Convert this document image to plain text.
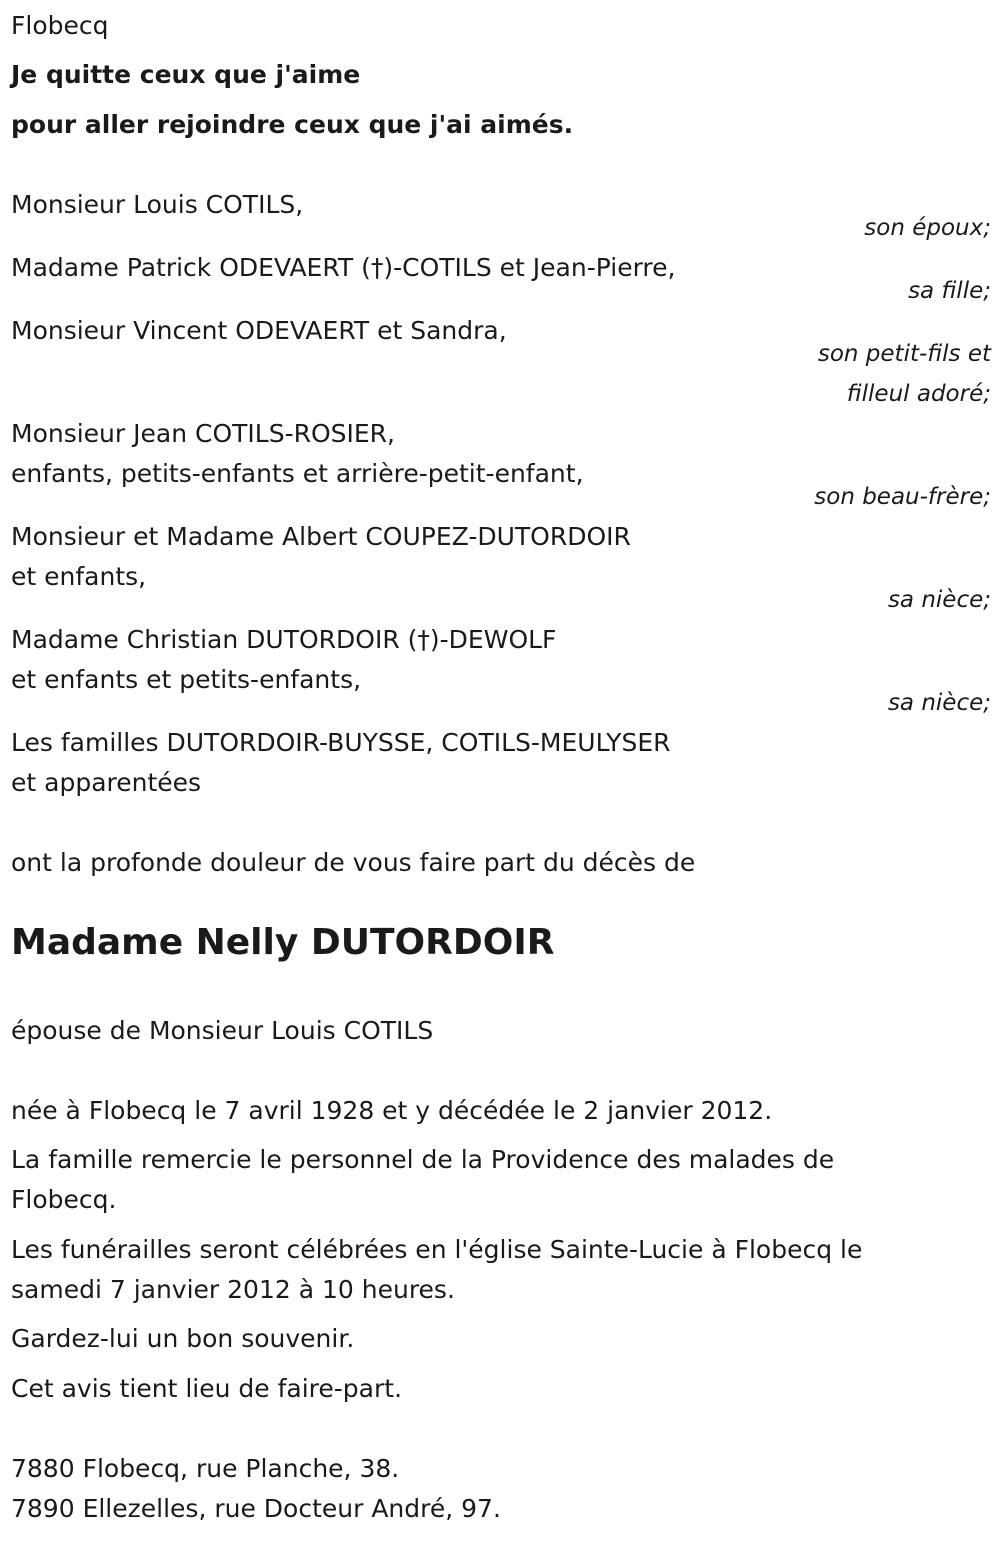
Flobecq
Je quitte ceux que j'aime
pour aller rejoindre ceux que j'ai aimés.
Monsieur Louis COTILS,
son époux;
Madame Patrick ODEVAERT (†)-COTILS et Jean-Pierre,
sa fille;
Monsieur Vincent ODEVAERT et Sandra,
son petit-fils et
filleul adoré;
Monsieur Jean COTILS-ROSIER,
enfants, petits-enfants et arrière-petit-enfant,
son beau-frère;
Monsieur et Madame Albert COUPEZ-DUTORDOIR
et enfants,
sa nièce;
Madame Christian DUTORDOIR (†)-DEWOLF
et enfants et petits-enfants,
sa nièce;
Les familles DUTORDOIR-BUYSSE, COTILS-MEULYSER
et apparentées
ont la profonde douleur de vous faire part du décès de
Madame Nelly DUTORDOIR
épouse de Monsieur Louis COTILS
née à Flobecq le 7 avril 1928 et y décédée le 2 janvier 2012.
La famille remercie le personnel de la Providence des malades de
Flobecq.
Les funérailles seront célébrées en l'église Sainte-Lucie à Flobecq le
samedi 7 janvier 2012 à 10 heures.
Gardez-lui un bon souvenir.
Cet avis tient lieu de faire-part.
7880 Flobecq, rue Planche, 38.
7890 Ellezelles, rue Docteur André, 97.
